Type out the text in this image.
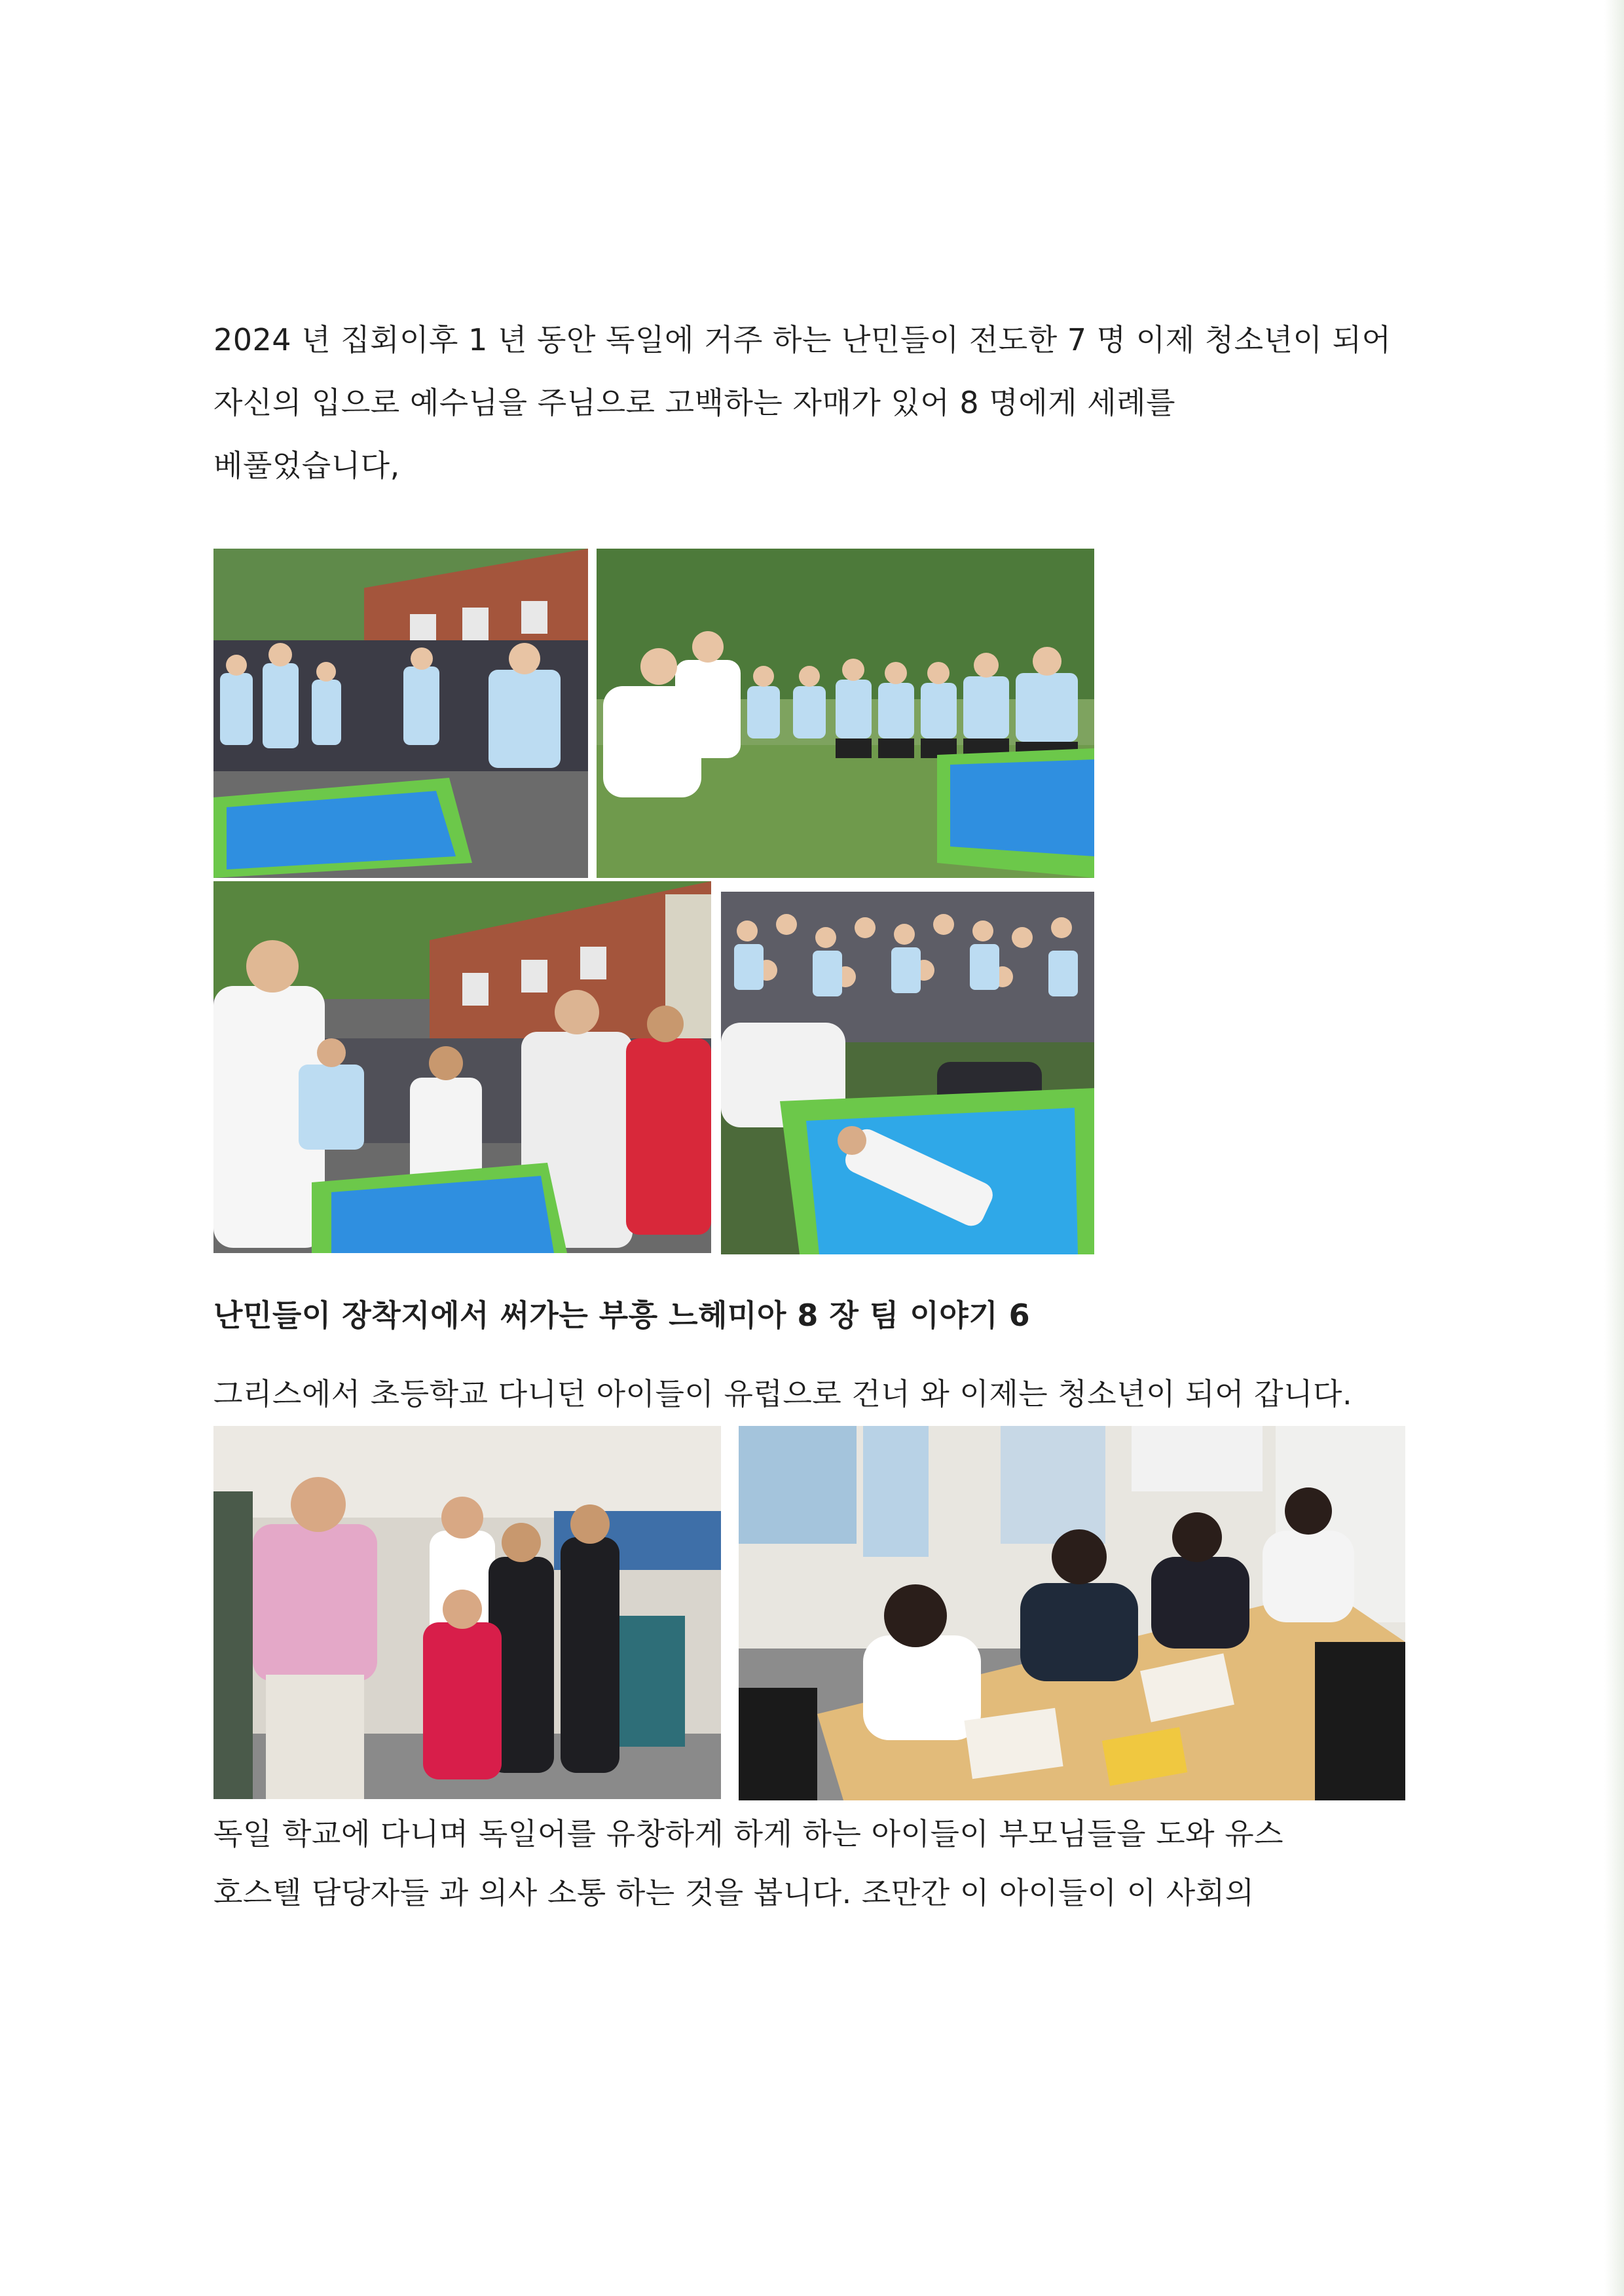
2024 년 집회이후 1 년 동안 독일에 거주 하는 난민들이 전도한 7 명 이제 청소년이 되어

자신의 입으로 예수님을 주님으로 고백하는 자매가 있어 8 명에게 세례를

베풀었습니다,

난민들이 장착지에서 써가는 부흥 느헤미아 8 장 팀 이야기 6

그리스에서 초등학교 다니던 아이들이 유럽으로 건너 와 이제는 청소년이 되어 갑니다.

독일 학교에 다니며 독일어를 유창하게 하게 하는 아이들이 부모님들을 도와 유스

호스텔 담당자들 과 의사 소통 하는 것을 봅니다. 조만간 이 아이들이 이 사회의
